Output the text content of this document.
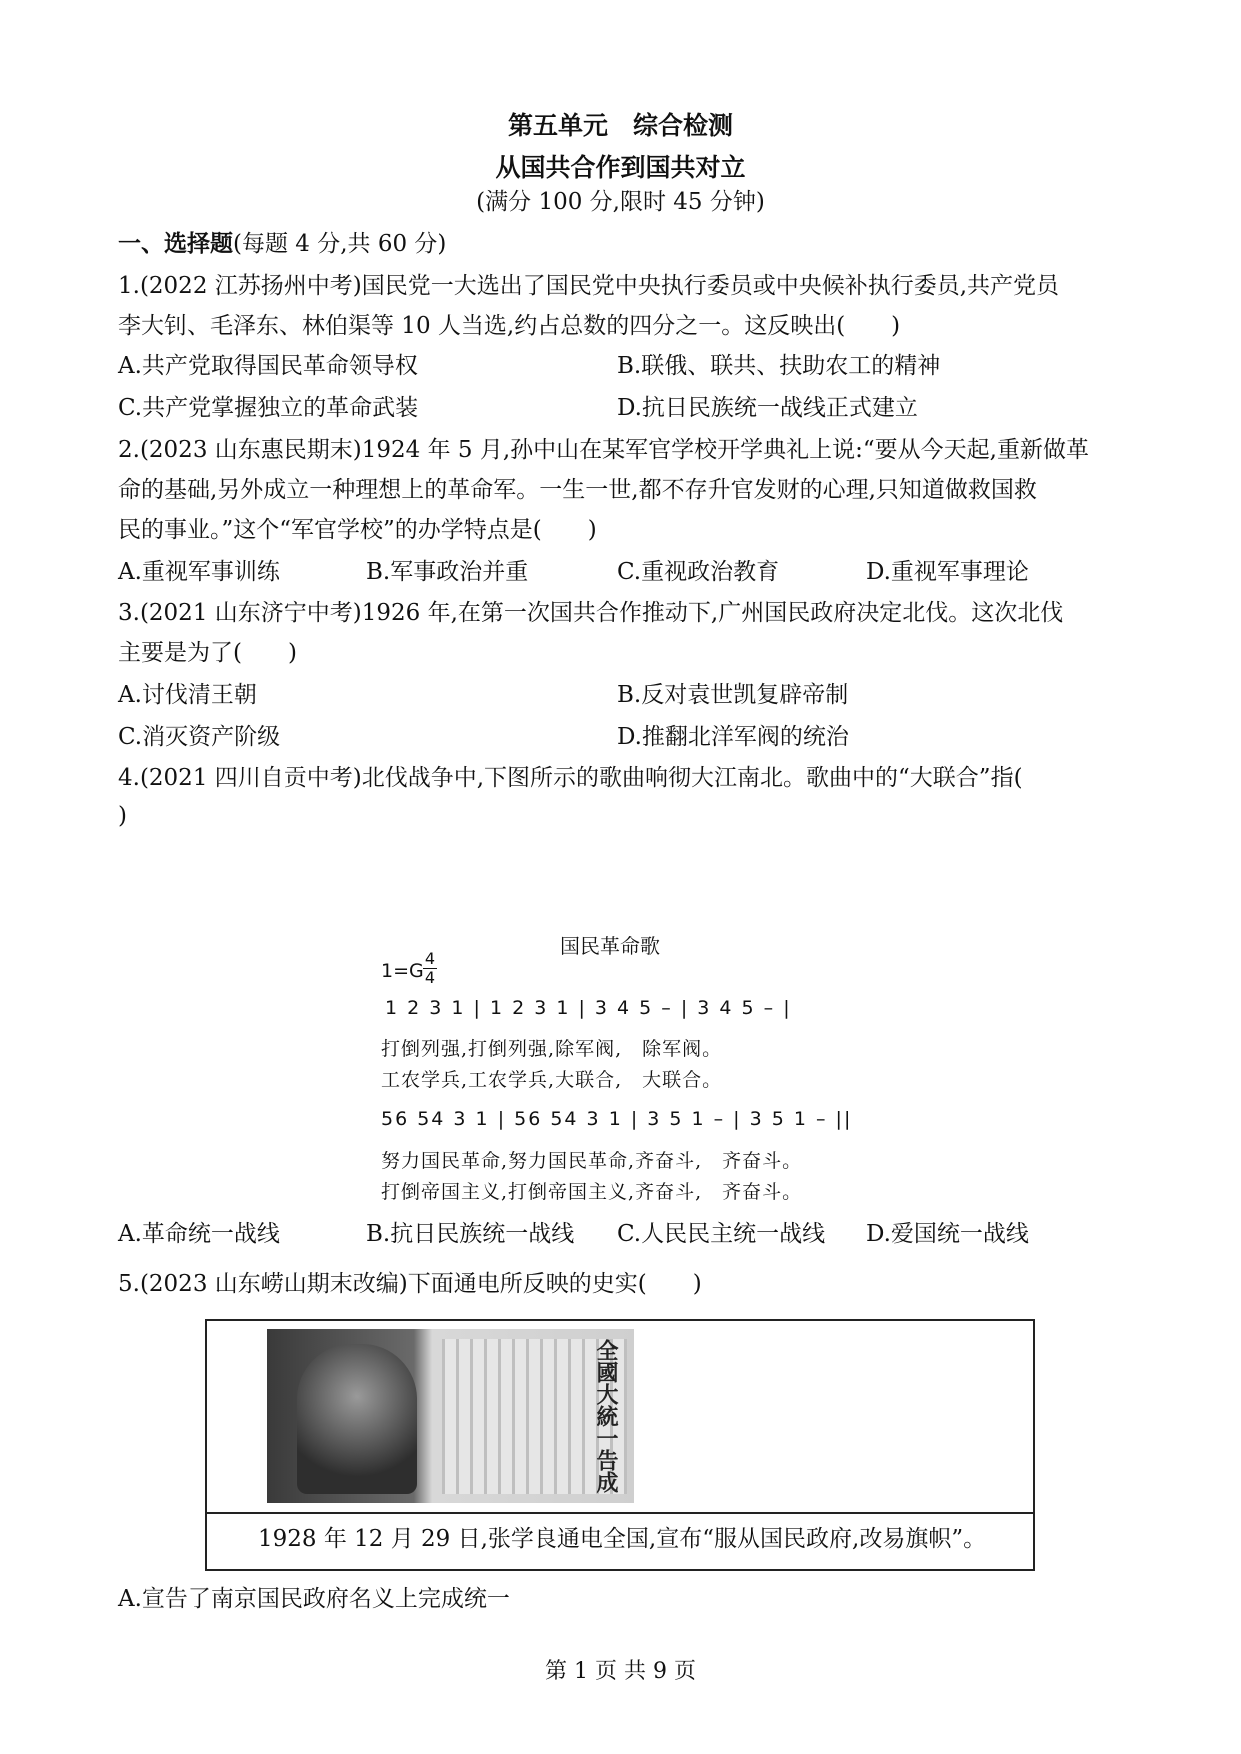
第五单元　综合检测
从国共合作到国共对立
(满分 100 分,限时 45 分钟)
一、选择题(每题 4 分,共 60 分)
1.(2022 江苏扬州中考)国民党一大选出了国民党中央执行委员或中央候补执行委员,共产党员
李大钊、毛泽东、林伯渠等 10 人当选,约占总数的四分之一。这反映出(　　)
A.共产党取得国民革命领导权	B.联俄、联共、扶助农工的精神
C.共产党掌握独立的革命武装	D.抗日民族统一战线正式建立
2.(2023 山东惠民期末)1924 年 5 月,孙中山在某军官学校开学典礼上说:“要从今天起,重新做革
命的基础,另外成立一种理想上的革命军。一生一世,都不存升官发财的心理,只知道做救国救
民的事业。”这个“军官学校”的办学特点是(　　)
A.重视军事训练	B.军事政治并重	C.重视政治教育	D.重视军事理论
3.(2021 山东济宁中考)1926 年,在第一次国共合作推动下,广州国民政府决定北伐。这次北伐
主要是为了(　　)
A.讨伐清王朝	B.反对袁世凯复辟帝制
C.消灭资产阶级	D.推翻北洋军阀的统治
4.(2021 四川自贡中考)北伐战争中,下图所示的歌曲响彻大江南北。歌曲中的“大联合”指(
)
国民革命歌
1=G
4
4
1 2 3 1 | 1 2 3 1 | 3 4 5 – | 3 4 5 – |
打倒列强,打倒列强,除军阀,　除军阀。
工农学兵,工农学兵,大联合,　大联合。
56 54 3 1 | 56 54 3 1 | 3 5 1 – | 3 5 1 – ||
努力国民革命,努力国民革命,齐奋斗,　齐奋斗。
打倒帝国主义,打倒帝国主义,齐奋斗,　齐奋斗。
A.革命统一战线	B.抗日民族统一战线 C.人民民主统一战线 D.爱国统一战线
5.(2023 山东崂山期末改编)下面通电所反映的史实(　　)
全國大統一告成
1928 年 12 月 29 日,张学良通电全国,宣布“服从国民政府,改易旗帜”。
A.宣告了南京国民政府名义上完成统一
第 1 页 共 9 页
